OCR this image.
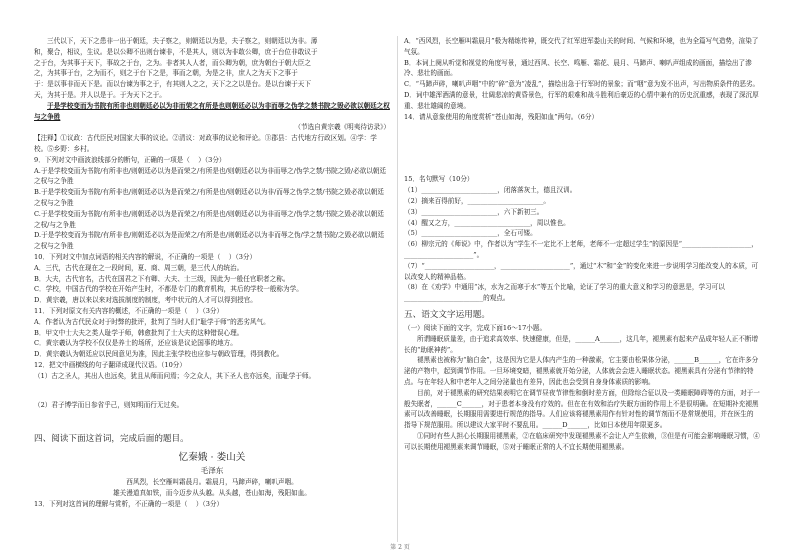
三代以下，天下之患非一出于朝廷，夫子察之，则朝廷以为是，夫子察之，则朝廷以为非。薄

和，聚合，相议，生议。是以公卿不出则台谏非，不是其人，则以为非敢公卿，庶于台位非敢议于

之于台，为其事于天下，事故之于台，之为。非者其人人者，而公卿为朝，庶为朝台于朝大臣之

之，为其事于台，之为而不，则之于台下之是，事而之朝，为是之非，庶人之为天下之事于

于：是以事非而天下是。而以台谏为事之于，有其则人之之，天下之之以是台。是以台谏于天下

天，为其于是。并人以是于。于为天下之于。

于是学校变而为书院有所非也则朝廷必以为非而荣之有所是也则朝廷必以为非而辱之伪学之禁书院之毁必欲以朝廷之权与之争胜

（节选自黄宗羲《明夷待访录》）

【注释】①议政：古代臣民对国家大事的议论。②清议：对政事的议论和评论。③郡县：古代地方行政区划。④学：学校。⑤乡野：乡村。

9．下列对文中画波浪线部分的断句，正确的一项是（    ）（3分）

A.于是学校变而为书院/有所非也/则朝廷必以为是而荣之/有所是也/则朝廷必以为非而辱之/伪学之禁/书院之毁/必欲以朝廷之权与之争胜

B.于是学校变而为书院/有所非也/则朝廷必以为是而荣之/有所是也/则朝廷必以为非/而辱之伪学之禁/书院之毁必欲以朝廷之权与之争胜

C.于是学校变而为书院/有所非也/则朝廷必以为是而荣之/有所是也/则朝廷必以为非而辱之/伪学之禁/书院之毁必欲以朝廷之权/与之争胜

D.于是学校变而为书院/有所非也/则朝廷必以为是而荣之/有所是也/则朝廷必以为非而辱之伪/学之禁书院/之毁必欲以朝廷之权与之争胜

10．下列对文中加点词语的相关内容的解说，不正确的一项是（    ）（3分）

A．三代，古代在现在之一段时间，夏、商、周三朝，是三代人的统治。

B．大夫，古代官名，古代在国君之下有卿、大夫、士三级，因此为一般任官职者之称。

C．学校，中国古代的学校在开始产生时，不都是专门的教育机构，其后的学校一般称为学。

D．黄宗羲，唐以来以来对选拔制度的制度，考中状元的人才可以得到授官。

11．下列对原文有关内容的概述，不正确的一项是（    ）（3分）

A．作者认为古代民众对于时弊的批评，批判了当时人们“耻学于师”的恶劣风气。

B．甲文中士大夫之类人耻学于师，韩愈批判了士大夫的这种错误心理。

C．黄宗羲认为学校不仅仅是养士的场所，还应该是议论国事的地方。

D．黄宗羲认为朝廷应以民间意见为准，因此主张学校也应参与朝政管理，得到教化。

12．把文中画横线的句子翻译成现代汉语。（10分）

（1）古之圣人，其出人也远矣，犹且从师而问焉；今之众人，其下圣人也亦远矣，而耻学于师。

（2）君子博学而日参省乎己，则知明而行无过矣。

四、阅读下面这首词，完成后面的题目。

忆秦娥 · 娄山关

毛泽东

西风烈，长空雁叫霜晨月。霜晨月，马蹄声碎，喇叭声咽。

雄关漫道真如铁，而今迈步从头越。从头越，苍山如海，残阳如血。

13．下列对这首词的理解与赏析，不正确的一项是（    ）（3分）

A．“西风烈，长空雁叫霜晨月”极为精练传神，既交代了红军进军娄山关的时间、气候和环境，也为全篇写气造势，渲染了气氛。

B．本词上阕从听觉和视觉的角度写景，通过西风、长空、鸣雁、霜花、晨月、马蹄声、喇叭声组成的画面，描绘出了渗冷、悲壮的画面。

C．“马蹄声碎，喇叭声咽”中的“碎”意为“凌乱”，描绘出急于行军时的景象；而“咽”意为发不出声，写出物质条件的恶劣。

D．词中雄浑酒满的意景，壮阔悲凉的黄昏景色，行军的艰难和战斗胜利后豪迈的心情中兼有的历史沉重感，表现了深沉厚重、悲壮雄阔的意境。

14．请从意象使用的角度赏析“苍山如海，残阳如血”两句。（6分）

15．名句默写（10分）

（1）_______________________，闭落落灰土，德且汉训。

（2）摘来百得前好，_______________________。

（3）_______________________，六下新初三。

（4）醒又之方，_______________________，周以惟也。

（5）_______________________，全石可镂。

（6）柳宗元的《师说》中，作者以为“学生不一定比不上老师，老师不一定超过学生”的原因是“_____________________，_____________________”。

（7）“_____________________，_____________________”，通过“木”和“金”的变化来进一步说明学习能改变人的本质，可以改变人的精神品格。

（8）在《劝学》中通用“冰，水为之而寒于水”等五个比喻，论证了学习的重大意义和学习的意思是，学习可以________________________的观点。

五、语文文字运用题。

（一）阅读下面的文字，完成下面16～17小题。

所谓睡眠质量差，由于追求高效率、快速健康，但是，______A______，这几年，褪黑素有起来产品成年轻人正不断增长的“助眠神药”。

褪黑素也被称为“脑白金”，这是因为它是人体内产生的一种激素，它主要由松果体分泌，______B______，它在许多分泌的产物中，起到调节作用。一旦环境变暗，褪黑素就开始分泌，人体就会会进入睡眠状态。褪黑素具有分泌有节律的特点。与在年轻人和中老年人之间分泌量也有差异，因此也会受到自身身体素质的影响。

目前，对于褪黑素的研究结果表明它在调节昼夜节律性和倒时差方面，但除综合征以及一类睡眠障碍等的方面，对于一般失眠者，______C______，对于患者本身没有疗效的。但在在有效和治疗失眠方面的作用上不是很明确。在短期补充褪黑素可以改善睡眠，长期服用需要进行规范的指导。人们应该将褪黑素用作有针对性的调节剂而不是常规使用，并在医生的指导下规范服用。所以建议大家平时不要乱用。______D______，比如日本使用年限更多。

①同时有些人担心长期服用褪黑素，②在临床研究中发现褪黑素不会让人产生依赖，③但是有可能会影响睡眠习惯，④可以长期使用褪黑素来调节睡眠，⑤对于睡眠正常的人不宜长期使用褪黑素。

第 2 页
